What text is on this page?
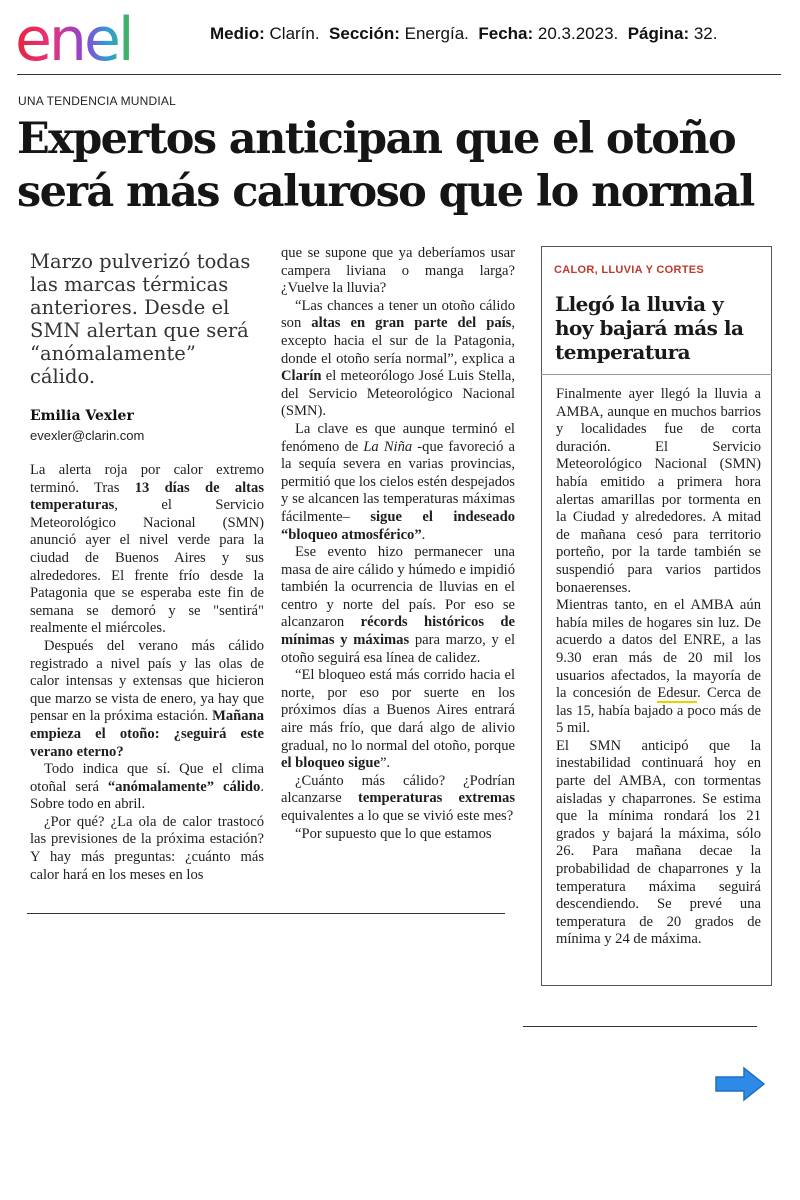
enel	Medio: Clarín. Sección: Energía. Fecha: 20.3.2023. Página: 32.
UNA TENDENCIA MUNDIAL
Expertos anticipan que el otoño
será más caluroso que lo normal
Marzo pulverizó todas las marcas térmicas anteriores. Desde el SMN alertan que será “anómalamente” cálido.
Emilia Vexler
evexler@clarin.com

La alerta roja por calor extremo terminó. Tras 13 días de altas temperaturas, el Servicio Meteorológico Nacional (SMN) anunció ayer el nivel verde para la ciudad de Buenos Aires y sus alrededores. El frente frío desde la Patagonia que se esperaba este fin de semana se demoró y se "sentirá" realmente el miércoles.

Después del verano más cálido registrado a nivel país y las olas de calor intensas y extensas que hicieron que marzo se vista de enero, ya hay que pensar en la próxima estación. Mañana empieza el otoño: ¿seguirá este verano eterno?

Todo indica que sí. Que el clima otoñal será “anómalamente” cálido. Sobre todo en abril.

¿Por qué? ¿La ola de calor trastocó las previsiones de la próxima estación? Y hay más preguntas: ¿cuánto más calor hará en los meses en los

que se supone que ya deberíamos usar campera liviana o manga larga? ¿Vuelve la lluvia?

“Las chances a tener un otoño cálido son altas en gran parte del país, excepto hacia el sur de la Patagonia, donde el otoño sería normal”, explica a Clarín el meteorólogo José Luis Stella, del Servicio Meteorológico Nacional (SMN).

La clave es que aunque terminó el fenómeno de La Niña -que favoreció a la sequía severa en varias provincias, permitió que los cielos estén despejados y se alcancen las temperaturas máximas fácilmente– sigue el indeseado “bloqueo atmosférico”.

Ese evento hizo permanecer una masa de aire cálido y húmedo e impidió también la ocurrencia de lluvias en el centro y norte del país. Por eso se alcanzaron récords históricos de mínimas y máximas para marzo, y el otoño seguirá esa línea de calidez.

“El bloqueo está más corrido hacia el norte, por eso por suerte en los próximos días a Buenos Aires entrará aire más frío, que dará algo de alivio gradual, no lo normal del otoño, porque el bloqueo sigue”.

¿Cuánto más cálido? ¿Podrían alcanzarse temperaturas extremas equivalentes a lo que se vivió este mes?

“Por supuesto que lo que estamos

CALOR, LLUVIA Y CORTES
Llegó la lluvia y hoy bajará más la temperatura

Finalmente ayer llegó la lluvia a AMBA, aunque en muchos barrios y localidades fue de corta duración. El Servicio Meteorológico Nacional (SMN) había emitido a primera hora alertas amarillas por tormenta en la Ciudad y alrededores. A mitad de mañana cesó para territorio porteño, por la tarde también se suspendió para varios partidos bonaerenses.

Mientras tanto, en el AMBA aún había miles de hogares sin luz. De acuerdo a datos del ENRE, a las 9.30 eran más de 20 mil los usuarios afectados, la mayoría de la concesión de Edesur. Cerca de las 15, había bajado a poco más de 5 mil.

El SMN anticipó que la inestabilidad continuará hoy en parte del AMBA, con tormentas aisladas y chaparrones. Se estima que la mínima rondará los 21 grados y bajará la máxima, sólo 26. Para mañana decae la probabilidad de chaparrones y la temperatura máxima seguirá descendiendo. Se prevé una temperatura de 20 grados de mínima y 24 de máxima.
